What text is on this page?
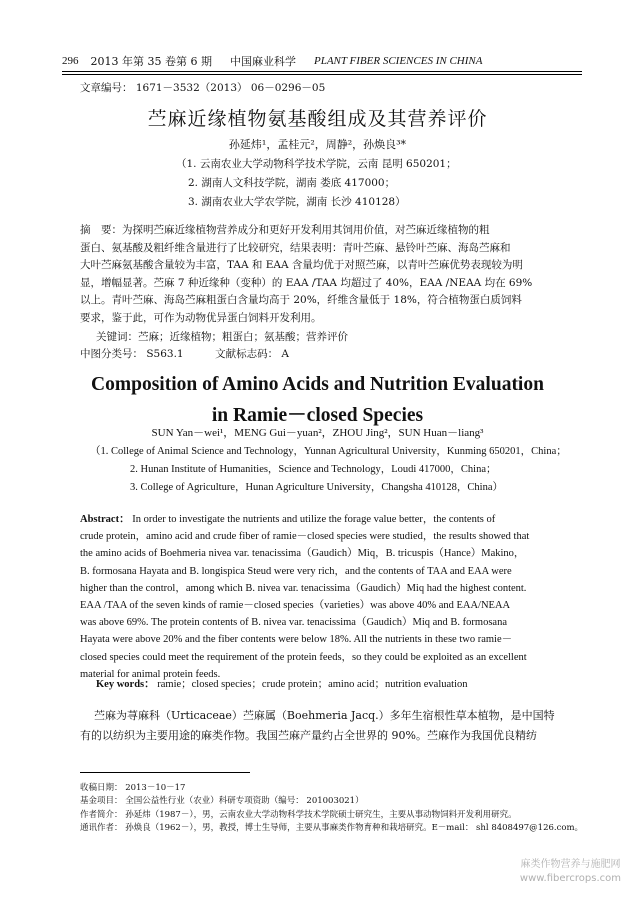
296 2013 年第 35 卷第 6 期 中国麻业科学 PLANT FIBER SCIENCES IN CHINA
文章编号： 1671－3532（2013） 06－0296－05
苎麻近缘植物氨基酸组成及其营养评价
孙延炜¹，孟桂元²，周静²，孙焕良³*
（1. 云南农业大学动物科学技术学院，云南 昆明 650201；
2. 湖南人文科技学院，湖南 娄底 417000；
3. 湖南农业大学农学院，湖南 长沙 410128）
摘　要：为探明苎麻近缘植物营养成分和更好开发利用其饲用价值，对苎麻近缘植物的粗
蛋白、氨基酸及粗纤维含量进行了比较研究，结果表明：青叶苎麻、悬铃叶苎麻、海岛苎麻和
大叶苎麻氨基酸含量较为丰富，TAA 和 EAA 含量均优于对照苎麻，以青叶苎麻优势表现较为明
显，增幅显著。苎麻 7 种近缘种（变种）的 EAA /TAA 均超过了 40%，EAA /NEAA 均在 69%
以上。青叶苎麻、海岛苎麻粗蛋白含量均高于 20%，纤维含量低于 18%，符合植物蛋白质饲料
要求，鉴于此，可作为动物优异蛋白饲料开发利用。
关键词：苎麻；近缘植物；粗蛋白；氨基酸；营养评价
中图分类号： S563.1　　　文献标志码： A
Composition of Amino Acids and Nutrition Evaluation
in Ramie－closed Species
SUN Yan－wei¹，MENG Gui－yuan²，ZHOU Jing²，SUN Huan－liang³
（1. College of Animal Science and Technology，Yunnan Agricultural University，Kunming 650201，China；
2. Hunan Institute of Humanities，Science and Technology，Loudi 417000，China；
3. College of Agriculture，Hunan Agriculture University，Changsha 410128，China）
Abstract： In order to investigate the nutrients and utilize the forage value better，the contents of
crude protein，amino acid and crude fiber of ramie－closed species were studied，the results showed that
the amino acids of Boehmeria nivea var. tenacissima（Gaudich）Miq，B. tricuspis（Hance）Makino，
B. formosana Hayata and B. longispica Steud were very rich，and the contents of TAA and EAA were
higher than the control，among which B. nivea var. tenacissima（Gaudich）Miq had the highest content.
EAA /TAA of the seven kinds of ramie－closed species（varieties）was above 40% and EAA/NEAA
was above 69%. The protein contents of B. nivea var. tenacissima（Gaudich）Miq and B. formosana
Hayata were above 20% and the fiber contents were below 18%. All the nutrients in these two ramie－
closed species could meet the requirement of the protein feeds，so they could be exploited as an excellent
material for animal protein feeds.
Key words： ramie；closed species；crude protein；amino acid；nutrition evaluation
苎麻为荨麻科（Urticaceae）苎麻属（Boehmeria Jacq.）多年生宿根性草本植物，是中国特
有的以纺织为主要用途的麻类作物。我国苎麻产量约占全世界的 90%。苎麻作为我国优良精纺
收稿日期： 2013－10－17
基金项目： 全国公益性行业（农业）科研专项资助（编号： 201003021）
作者简介： 孙延炜（1987－），男，云南农业大学动物科学技术学院硕士研究生，主要从事动物饲料开发利用研究。
通讯作者： 孙焕良（1962－），男，教授，博士生导师，主要从事麻类作物育种和栽培研究。E－mail： shl 8408497@126.com。
麻类作物营养与施肥网
www.fibercrops.com
